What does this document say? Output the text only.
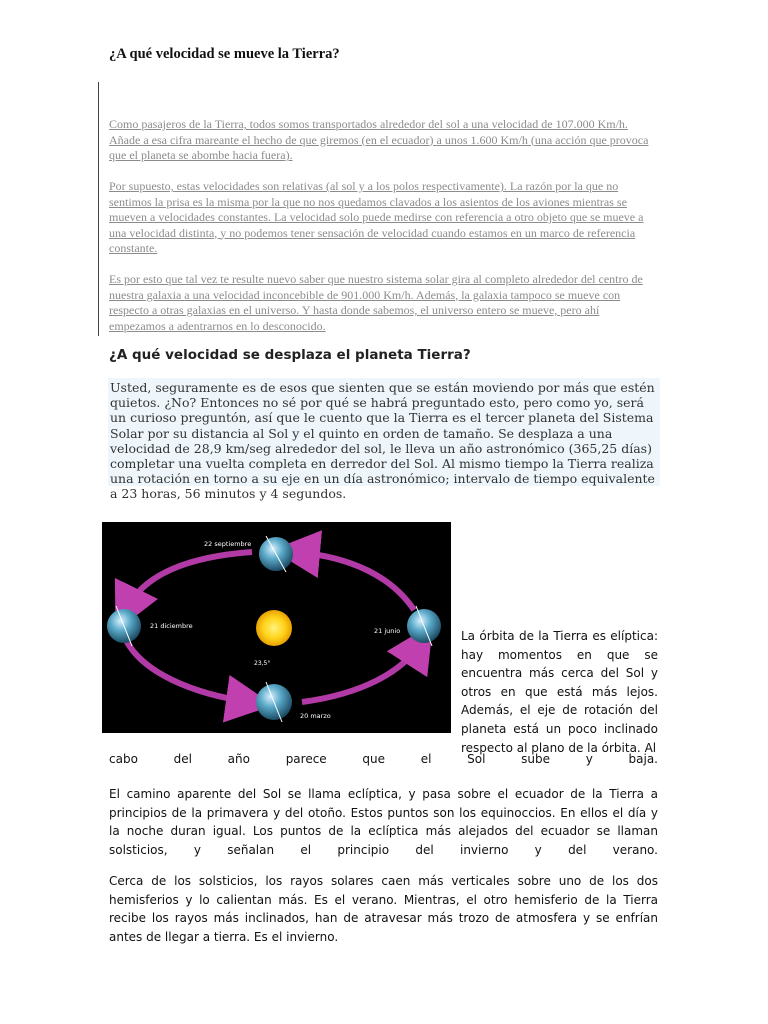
¿A qué velocidad se mueve la Tierra?

Como pasajeros de la Tierra, todos somos transportados alrededor del sol a una velocidad de 107.000 Km/h. Añade a esa cifra mareante el hecho de que giremos (en el ecuador) a unos 1.600 Km/h (una acción que provoca que el planeta se abombe hacia fuera).

Por supuesto, estas velocidades son relativas (al sol y a los polos respectivamente). La razón por la que no sentimos la prisa es la misma por la que no nos quedamos clavados a los asientos de los aviones mientras se mueven a velocidades constantes. La velocidad solo puede medirse con referencia a otro objeto que se mueve a una velocidad distinta, y no podemos tener sensación de velocidad cuando estamos en un marco de referencia constante.

Es por esto que tal vez te resulte nuevo saber que nuestro sistema solar gira al completo alrededor del centro de nuestra galaxia a una velocidad inconcebible de 901.000 Km/h. Además, la galaxia tampoco se mueve con respecto a otras galaxias en el universo. Y hasta donde sabemos, el universo entero se mueve, pero ahí empezamos a adentrarnos en lo desconocido.

¿A qué velocidad se desplaza el planeta Tierra?

Usted, seguramente es de esos que sienten que se están moviendo por más que estén quietos. ¿No? Entonces no sé por qué se habrá preguntado esto, pero como yo, será un curioso preguntón, así que le cuento que la Tierra es el tercer planeta del Sistema Solar por su distancia al Sol y el quinto en orden de tamaño. Se desplaza a una velocidad de 28,9 km/seg alrededor del sol, le lleva un año astronómico (365,25 días) completar una vuelta completa en derredor del Sol. Al mismo tiempo la Tierra realiza una rotación en torno a su eje en un día astronómico; intervalo de tiempo equivalente a 23 horas, 56 minutos y 4 segundos.

22 septiembre
21 diciembre
21 junio
20 marzo
23,5°

La órbita de la Tierra es elíptica: hay momentos en que se encuentra más cerca del Sol y otros en que está más lejos. Además, el eje de rotación del planeta está un poco inclinado respecto al plano de la órbita. Al

cabo	del	año	parece	que	el	Sol	sube	y	baja.

El camino aparente del Sol se llama eclíptica, y pasa sobre el ecuador de la Tierra a principios de la primavera y del otoño. Estos puntos son los equinoccios. En ellos el día y la noche duran igual. Los puntos de la eclíptica más alejados del ecuador se llaman solsticios, y señalan el principio del invierno y del verano.

Cerca de los solsticios, los rayos solares caen más verticales sobre uno de los dos hemisferios y lo calientan más. Es el verano. Mientras, el otro hemisferio de la Tierra recibe los rayos más inclinados, han de atravesar más trozo de atmosfera y se enfrían antes de llegar a tierra. Es el invierno.
